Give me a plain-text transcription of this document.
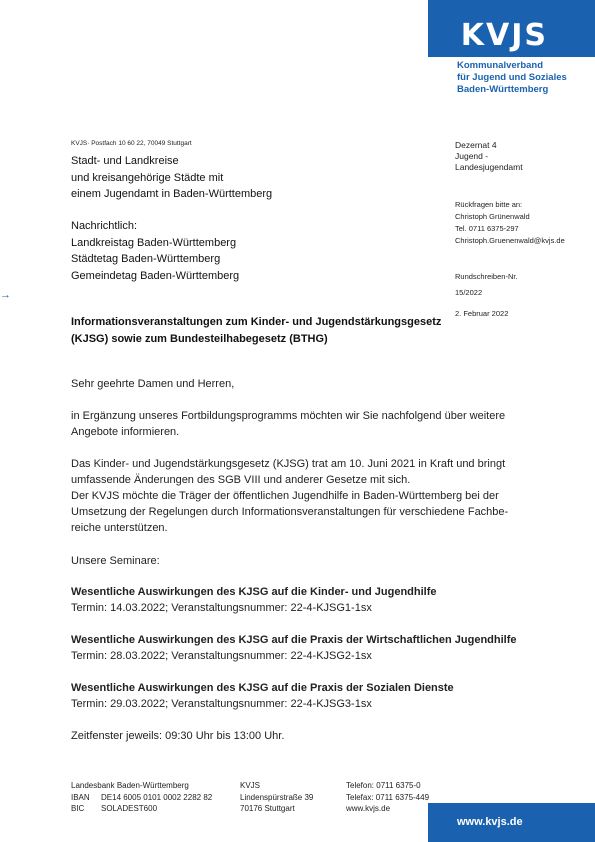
KVJS
Kommunalverband
für Jugend und Soziales
Baden-Württemberg
KVJS· Postfach 10 60 22, 70049 Stuttgart
Stadt- und Landkreise
und kreisangehörige Städte mit
einem Jugendamt in Baden-Württemberg
Nachrichtlich:
Landkreistag Baden-Württemberg
Städtetag Baden-Württemberg
Gemeindetag Baden-Württemberg
Dezernat 4
Jugend -
Landesjugendamt
Rückfragen bitte an:
Christoph Grünenwald
Tel. 0711 6375-297
Christoph.Gruenenwald@kvjs.de
Rundschreiben-Nr.
15/2022
2. Februar 2022
→
Informationsveranstaltungen zum Kinder- und Jugendstärkungsgesetz (KJSG) sowie zum Bundesteilhabegesetz (BTHG)
Sehr geehrte Damen und Herren,
in Ergänzung unseres Fortbildungsprogramms möchten wir Sie nachfolgend über weitere
Angebote informieren.
Das Kinder- und Jugendstärkungsgesetz (KJSG) trat am 10. Juni 2021 in Kraft und bringt
umfassende Änderungen des SGB VIII und anderer Gesetze mit sich.
Der KVJS möchte die Träger der öffentlichen Jugendhilfe in Baden-Württemberg bei der
Umsetzung der Regelungen durch Informationsveranstaltungen für verschiedene Fachbe-
reiche unterstützen.
Unsere Seminare:
Wesentliche Auswirkungen des KJSG auf die Kinder- und Jugendhilfe
Termin: 14.03.2022; Veranstaltungsnummer: 22-4-KJSG1-1sx
Wesentliche Auswirkungen des KJSG auf die Praxis der Wirtschaftlichen Jugendhilfe
Termin: 28.03.2022; Veranstaltungsnummer: 22-4-KJSG2-1sx
Wesentliche Auswirkungen des KJSG auf die Praxis der Sozialen Dienste
Termin: 29.03.2022; Veranstaltungsnummer: 22-4-KJSG3-1sx
Zeitfenster jeweils: 09:30 Uhr bis 13:00 Uhr.
Landesbank Baden-Württemberg
IBAN DE14 6005 0101 0002 2282 82
BIC SOLADEST600
KVJS
Lindenspürstraße 39
70176 Stuttgart
Telefon: 0711 6375-0
Telefax: 0711 6375-449
www.kvjs.de
www.kvjs.de
